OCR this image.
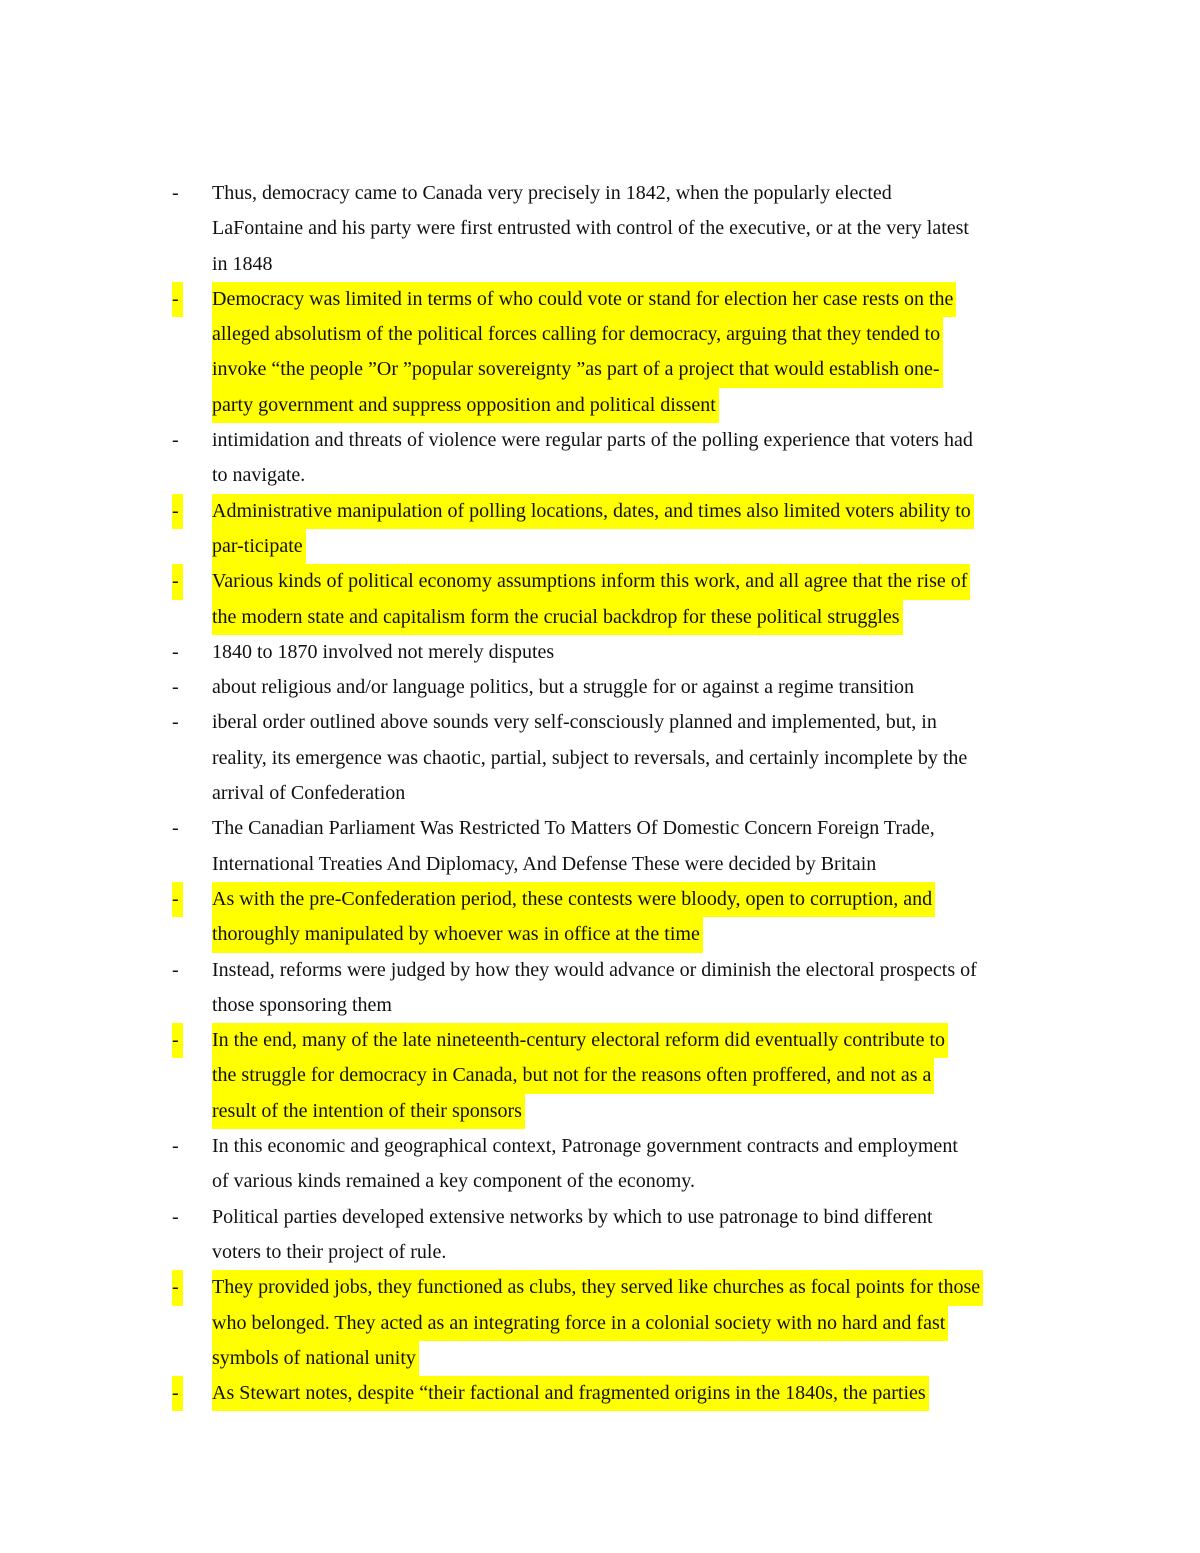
- Thus, democracy came to Canada very precisely in 1842, when the popularly elected
LaFontaine and his party were first entrusted with control of the executive, or at the very latest
in 1848
- Democracy was limited in terms of who could vote or stand for election her case rests on the
alleged absolutism of the political forces calling for democracy, arguing that they tended to
invoke “the people ”Or ”popular sovereignty ”as part of a project that would establish one-
party government and suppress opposition and political dissent
- intimidation and threats of violence were regular parts of the polling experience that voters had
to navigate.
- Administrative manipulation of polling locations, dates, and times also limited voters ability to
par-ticipate
- Various kinds of political economy assumptions inform this work, and all agree that the rise of
the modern state and capitalism form the crucial backdrop for these political struggles
- 1840 to 1870 involved not merely disputes
- about religious and/or language politics, but a struggle for or against a regime transition
- iberal order outlined above sounds very self-consciously planned and implemented, but, in
reality, its emergence was chaotic, partial, subject to reversals, and certainly incomplete by the
arrival of Confederation
- The Canadian Parliament Was Restricted To Matters Of Domestic Concern Foreign Trade,
International Treaties And Diplomacy, And Defense These were decided by Britain
- As with the pre-Confederation period, these contests were bloody, open to corruption, and
thoroughly manipulated by whoever was in office at the time
- Instead, reforms were judged by how they would advance or diminish the electoral prospects of
those sponsoring them
- In the end, many of the late nineteenth-century electoral reform did eventually contribute to
the struggle for democracy in Canada, but not for the reasons often proffered, and not as a
result of the intention of their sponsors
- In this economic and geographical context, Patronage government contracts and employment
of various kinds remained a key component of the economy.
- Political parties developed extensive networks by which to use patronage to bind different
voters to their project of rule.
- They provided jobs, they functioned as clubs, they served like churches as focal points for those
who belonged. They acted as an integrating force in a colonial society with no hard and fast
symbols of national unity
- As Stewart notes, despite “their factional and fragmented origins in the 1840s, the parties
